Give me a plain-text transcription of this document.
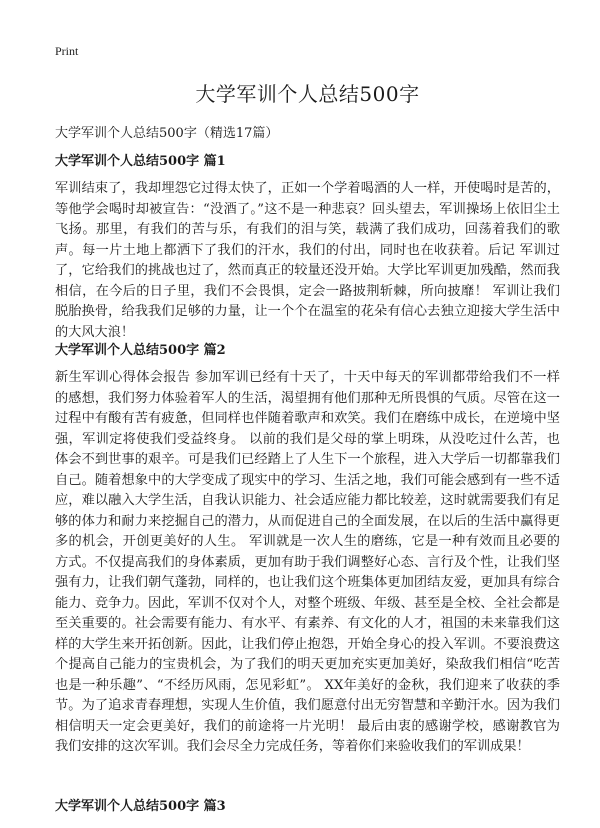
Print
大学军训个人总结500字
大学军训个人总结500字（精选17篇）
大学军训个人总结500字 篇1

军训结束了，我却埋怨它过得太快了，正如一个学着喝酒的人一样，开使喝时是苦的，等他学会喝时却被宣告：“没酒了。”这不是一种悲哀？回头望去，军训操场上依旧尘土飞扬。那里，有我们的苦与乐，有我们的泪与笑，载满了我们成功，回荡着我们的歌声。每一片土地上都洒下了我们的汗水，我们的付出，同时也在收获着。后记 军训过了，它给我们的挑战也过了，然而真正的较量还没开始。大学比军训更加残酷，然而我相信，在今后的日子里，我们不会畏惧，定会一路披荆斩棘，所向披靡！ 军训让我们脱胎换骨，给我我们足够的力量，让一个个在温室的花朵有信心去独立迎接大学生活中的大风大浪！

大学军训个人总结500字 篇2

新生军训心得体会报告 参加军训已经有十天了，十天中每天的军训都带给我们不一样的感想，我们努力体验着军人的生活，渴望拥有他们那种无所畏惧的气质。尽管在这一过程中有酸有苦有疲惫，但同样也伴随着歌声和欢笑。我们在磨练中成长，在逆境中坚强，军训定将使我们受益终身。 以前的我们是父母的掌上明珠，从没吃过什么苦，也体会不到世事的艰辛。可是我们已经踏上了人生下一个旅程，进入大学后一切都靠我们自己。随着想象中的大学变成了现实中的学习、生活之地，我们可能会感到有一些不适应，难以融入大学生活，自我认识能力、社会适应能力都比较差，这时就需要我们有足够的体力和耐力来挖掘自己的潜力，从而促进自己的全面发展，在以后的生活中赢得更多的机会，开创更美好的人生。 军训就是一次人生的磨练，它是一种有效而且必要的方式。不仅提高我们的身体素质，更加有助于我们调整好心态、言行及个性，让我们坚强有力，让我们朝气蓬勃，同样的，也让我们这个班集体更加团结友爱，更加具有综合能力、竞争力。因此，军训不仅对个人，对整个班级、年级、甚至是全校、全社会都是至关重要的。社会需要有能力、有水平、有素养、有文化的人才，祖国的未来靠我们这样的大学生来开拓创新。因此，让我们停止抱怨，开始全身心的投入军训。不要浪费这个提高自己能力的宝贵机会，为了我们的明天更加充实更加美好，染敌我们相信“吃苦也是一种乐趣”、“不经历风雨，怎见彩虹”。 XX年美好的金秋，我们迎来了收获的季节。为了追求青春理想，实现人生价值，我们愿意付出无穷智慧和辛勤汗水。因为我们相信明天一定会更美好，我们的前途将一片光明！ 最后由衷的感谢学校，感谢教官为我们安排的这次军训。我们会尽全力完成任务，等着你们来验收我们的军训成果！

大学军训个人总结500字 篇3
